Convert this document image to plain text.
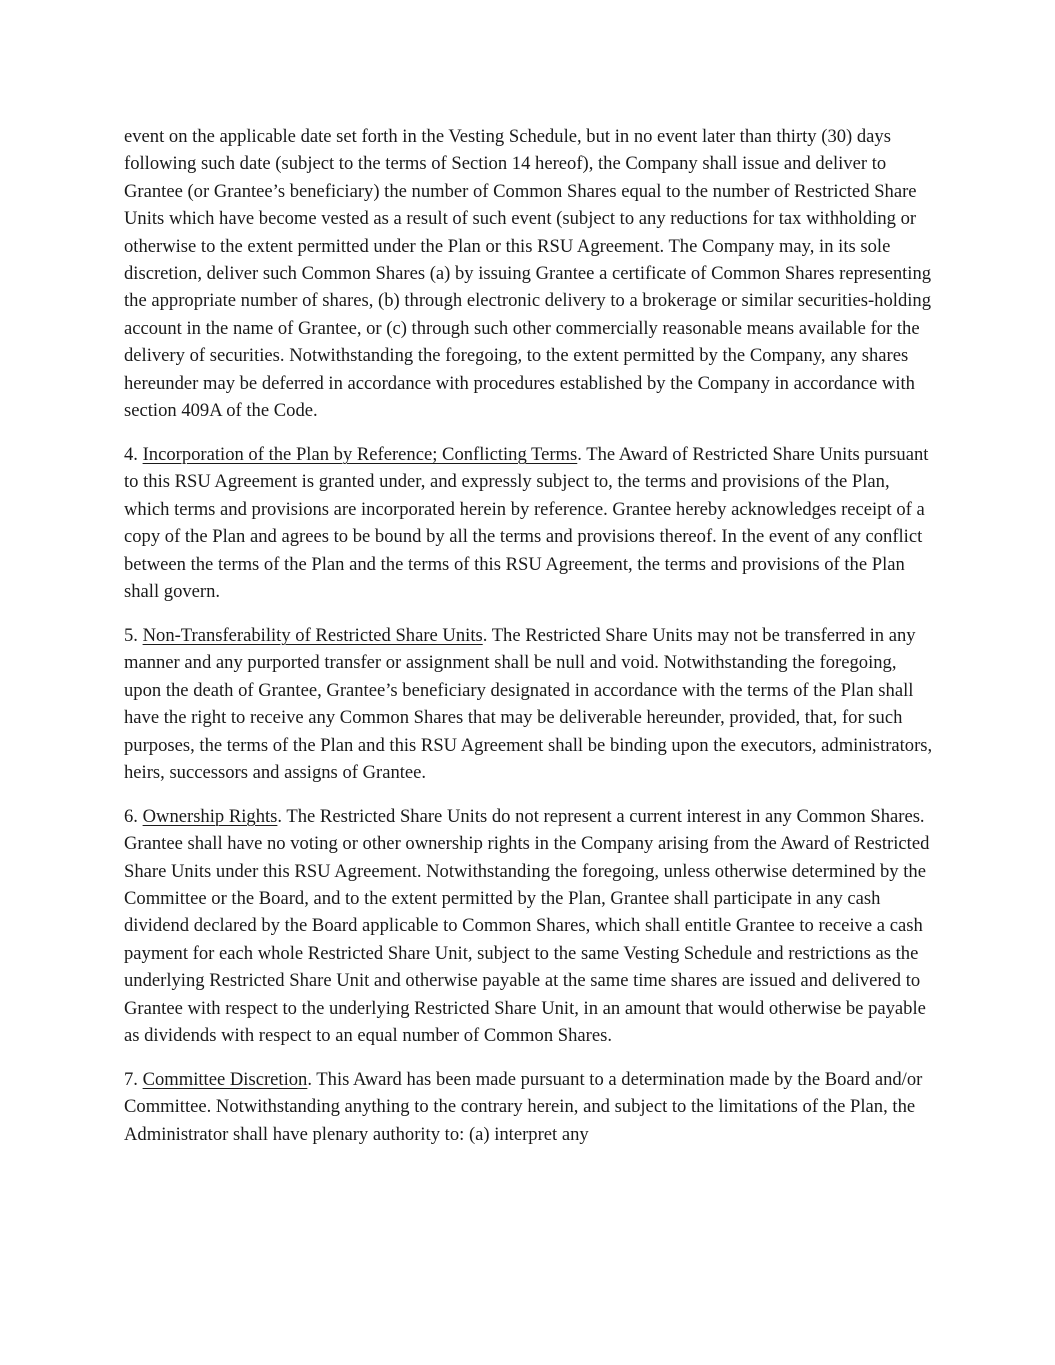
event on the applicable date set forth in the Vesting Schedule, but in no event later than thirty (30) days following such date (subject to the terms of Section 14 hereof), the Company shall issue and deliver to Grantee (or Grantee’s beneficiary) the number of Common Shares equal to the number of Restricted Share Units which have become vested as a result of such event (subject to any reductions for tax withholding or otherwise to the extent permitted under the Plan or this RSU Agreement. The Company may, in its sole discretion, deliver such Common Shares (a) by issuing Grantee a certificate of Common Shares representing the appropriate number of shares, (b) through electronic delivery to a brokerage or similar securities-holding account in the name of Grantee, or (c) through such other commercially reasonable means available for the delivery of securities. Notwithstanding the foregoing, to the extent permitted by the Company, any shares hereunder may be deferred in accordance with procedures established by the Company in accordance with section 409A of the Code.

4. Incorporation of the Plan by Reference; Conflicting Terms. The Award of Restricted Share Units pursuant to this RSU Agreement is granted under, and expressly subject to, the terms and provisions of the Plan, which terms and provisions are incorporated herein by reference. Grantee hereby acknowledges receipt of a copy of the Plan and agrees to be bound by all the terms and provisions thereof. In the event of any conflict between the terms of the Plan and the terms of this RSU Agreement, the terms and provisions of the Plan shall govern.

5. Non-Transferability of Restricted Share Units. The Restricted Share Units may not be transferred in any manner and any purported transfer or assignment shall be null and void. Notwithstanding the foregoing, upon the death of Grantee, Grantee’s beneficiary designated in accordance with the terms of the Plan shall have the right to receive any Common Shares that may be deliverable hereunder, provided, that, for such purposes, the terms of the Plan and this RSU Agreement shall be binding upon the executors, administrators, heirs, successors and assigns of Grantee.

6. Ownership Rights. The Restricted Share Units do not represent a current interest in any Common Shares. Grantee shall have no voting or other ownership rights in the Company arising from the Award of Restricted Share Units under this RSU Agreement. Notwithstanding the foregoing, unless otherwise determined by the Committee or the Board, and to the extent permitted by the Plan, Grantee shall participate in any cash dividend declared by the Board applicable to Common Shares, which shall entitle Grantee to receive a cash payment for each whole Restricted Share Unit, subject to the same Vesting Schedule and restrictions as the underlying Restricted Share Unit and otherwise payable at the same time shares are issued and delivered to Grantee with respect to the underlying Restricted Share Unit, in an amount that would otherwise be payable as dividends with respect to an equal number of Common Shares.

7. Committee Discretion. This Award has been made pursuant to a determination made by the Board and/or Committee. Notwithstanding anything to the contrary herein, and subject to the limitations of the Plan, the Administrator shall have plenary authority to: (a) interpret any
